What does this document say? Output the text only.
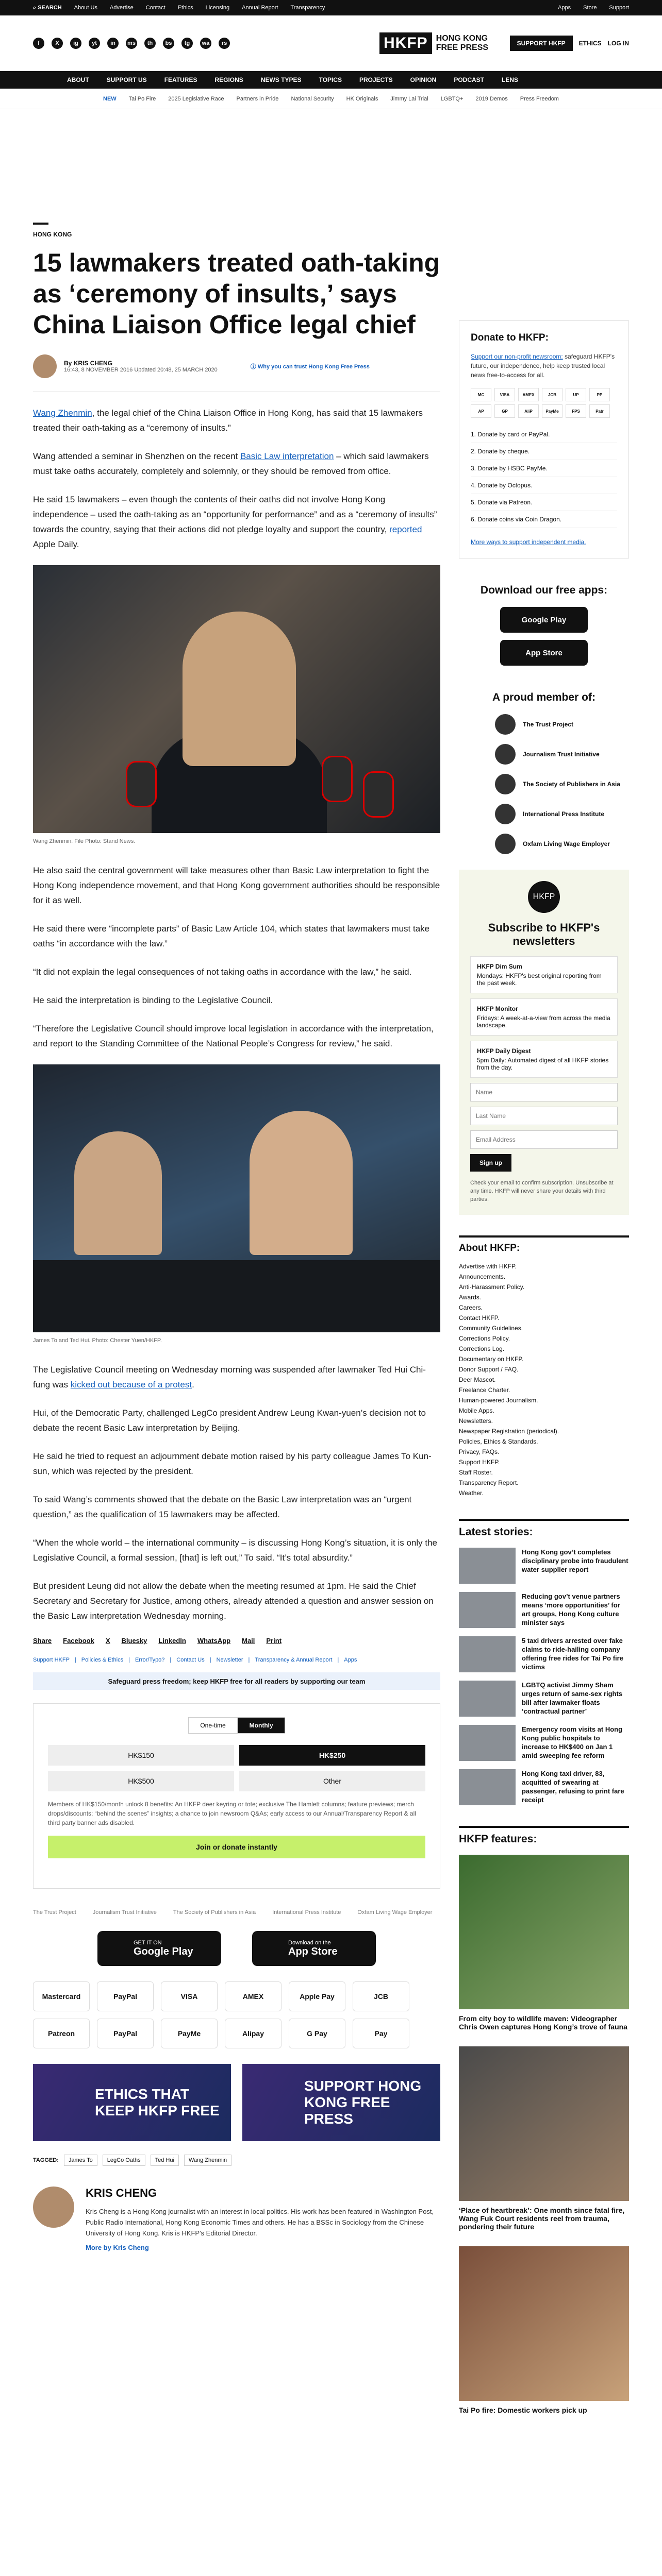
⌕ SEARCH About Us Advertise Contact Ethics Licensing Annual Report Transparency	Apps Store Support
f	X	ig	yt	in	ms	th	bs	tg	wa	rs	HKFP	HONG KONG
FREE PRESS	SUPPORT HKFP	ETHICS LOG IN
ABOUT	SUPPORT US	FEATURES	REGIONS	NEWS TYPES	TOPICS	PROJECTS	OPINION	PODCAST	LENS
NEW Tai Po Fire 2025 Legislative Race Partners in Pride National Security HK Originals Jimmy Lai Trial LGBTQ+ 2019 Demos Press Freedom
HONG KONG
15 lawmakers treated oath-taking as ‘ceremony of insults,’ says China Liaison Office legal chief
By KRIS CHENG
16:43, 8 NOVEMBER 2016 Updated 20:48, 25 MARCH 2020	ⓘ Why you can trust Hong Kong Free Press

Wang Zhenmin, the legal chief of the China Liaison Office in Hong Kong, has said that 15 lawmakers treated their oath-taking as a “ceremony of insults.”

Wang attended a seminar in Shenzhen on the recent Basic Law interpretation – which said lawmakers must take oaths accurately, completely and solemnly, or they should be removed from office.

He said 15 lawmakers – even though the contents of their oaths did not involve Hong Kong independence – used the oath-taking as an “opportunity for performance” and as a “ceremony of insults” towards the country, saying that their actions did not pledge loyalty and support the country, reported Apple Daily.

Wang Zhenmin. File Photo: Stand News.

He also said the central government will take measures other than Basic Law interpretation to fight the Hong Kong independence movement, and that Hong Kong government authorities should be responsible for it as well.

He said there were “incomplete parts” of Basic Law Article 104, which states that lawmakers must take oaths “in accordance with the law.”

“It did not explain the legal consequences of not taking oaths in accordance with the law,” he said.

He said the interpretation is binding to the Legislative Council.

“Therefore the Legislative Council should improve local legislation in accordance with the interpretation, and report to the Standing Committee of the National People’s Congress for review,” he said.

James To and Ted Hui. Photo: Chester Yuen/HKFP.

The Legislative Council meeting on Wednesday morning was suspended after lawmaker Ted Hui Chi-fung was kicked out because of a protest.

Hui, of the Democratic Party, challenged LegCo president Andrew Leung Kwan-yuen’s decision not to debate the recent Basic Law interpretation by Beijing.

He said he tried to request an adjournment debate motion raised by his party colleague James To Kun-sun, which was rejected by the president.

To said Wang’s comments showed that the debate on the Basic Law interpretation was an “urgent question,” as the qualification of 15 lawmakers may be affected.

“When the whole world – the international community – is discussing Hong Kong’s situation, it is only the Legislative Council, a formal session, [that] is left out,” To said. “It’s total absurdity.”

But president Leung did not allow the debate when the meeting resumed at 1pm. He said the Chief Secretary and Secretary for Justice, among others, already attended a question and answer session on the Basic Law interpretation Wednesday morning.

Share Facebook X Bluesky LinkedIn WhatsApp Mail Print
Support HKFP | Policies & Ethics | Error/Typo? | Contact Us | Newsletter | Transparency & Annual Report | Apps
Safeguard press freedom; keep HKFP free for all readers by supporting our team
One-time	Monthly
HK$150	HK$250
HK$500	Other
Members of HK$150/month unlock 8 benefits: An HKFP deer keyring or tote; exclusive The Hamlett columns; feature previews; merch drops/discounts; “behind the scenes” insights; a chance to join newsroom Q&As; early access to our Annual/Transparency Report & all third party banner ads disabled.
Join or donate instantly
The Trust Project	Journalism Trust Initiative	The Society of Publishers in Asia	International Press Institute	Oxfam Living Wage Employer
GET IT ON
Google Play
Download on the
App Store
Mastercard	PayPal	VISA	AMEX	Apple Pay	JCB
Patreon	PayPal	PayMe	Alipay	G Pay	Pay
ETHICS THAT KEEP HKFP FREE
SUPPORT HONG KONG FREE PRESS
TAGGED:	James To	LegCo Oaths	Ted Hui	Wang Zhenmin
KRIS CHENG

Kris Cheng is a Hong Kong journalist with an interest in local politics. His work has been featured in Washington Post, Public Radio International, Hong Kong Economic Times and others. He has a BSSc in Sociology from the Chinese University of Hong Kong. Kris is HKFP's Editorial Director.

More by Kris Cheng
Donate to HKFP:
Support our non-profit newsroom: safeguard HKFP's future, our independence, help keep trusted local news free-to-access for all.
MC	VISA	AMEX	JCB	UP	PP
AP	GP	AliP	PayMe	FPS	Patr
1. Donate by card or PayPal.
2. Donate by cheque.
3. Donate by HSBC PayMe.
4. Donate by Octopus.
5. Donate via Patreon.
6. Donate coins via Coin Dragon.
More ways to support independent media.
Download our free apps:
Google Play
App Store
A proud member of:
The Trust Project
Journalism Trust Initiative
The Society of Publishers in Asia
International Press Institute
Oxfam Living Wage Employer
HKFP
Subscribe to HKFP's newsletters
HKFP Dim Sum
Mondays: HKFP's best original reporting from the past week.
HKFP Monitor
Fridays: A week-at-a-view from across the media landscape.
HKFP Daily Digest
5pm Daily: Automated digest of all HKFP stories from the day.
Name Last Name Email Address
Sign up
Check your email to confirm subscription. Unsubscribe at any time. HKFP will never share your details with third parties.
About HKFP:
Advertise with HKFP.
Announcements.
Anti-Harassment Policy.
Awards.
Careers.
Contact HKFP.
Community Guidelines.
Corrections Policy.
Corrections Log.
Documentary on HKFP.
Donor Support / FAQ.
Deer Mascot.
Freelance Charter.
Human-powered Journalism.
Mobile Apps.
Newsletters.
Newspaper Registration (periodical).
Policies, Ethics & Standards.
Privacy, FAQs.
Support HKFP.
Staff Roster.
Transparency Report.
Weather.
Latest stories:
Hong Kong gov’t completes disciplinary probe into fraudulent water supplier report
Reducing gov’t venue partners means ‘more opportunities’ for art groups, Hong Kong culture minister says
5 taxi drivers arrested over fake claims to ride-hailing company offering free rides for Tai Po fire victims
LGBTQ activist Jimmy Sham urges return of same-sex rights bill after lawmaker floats ‘contractual partner’
Emergency room visits at Hong Kong public hospitals to increase to HK$400 on Jan 1 amid sweeping fee reform
Hong Kong taxi driver, 83, acquitted of swearing at passenger, refusing to print fare receipt
HKFP features:
From city boy to wildlife maven: Videographer Chris Owen captures Hong Kong’s trove of fauna
‘Place of heartbreak’: One month since fatal fire, Wang Fuk Court residents reel from trauma, pondering their future
Tai Po fire: Domestic workers pick up
